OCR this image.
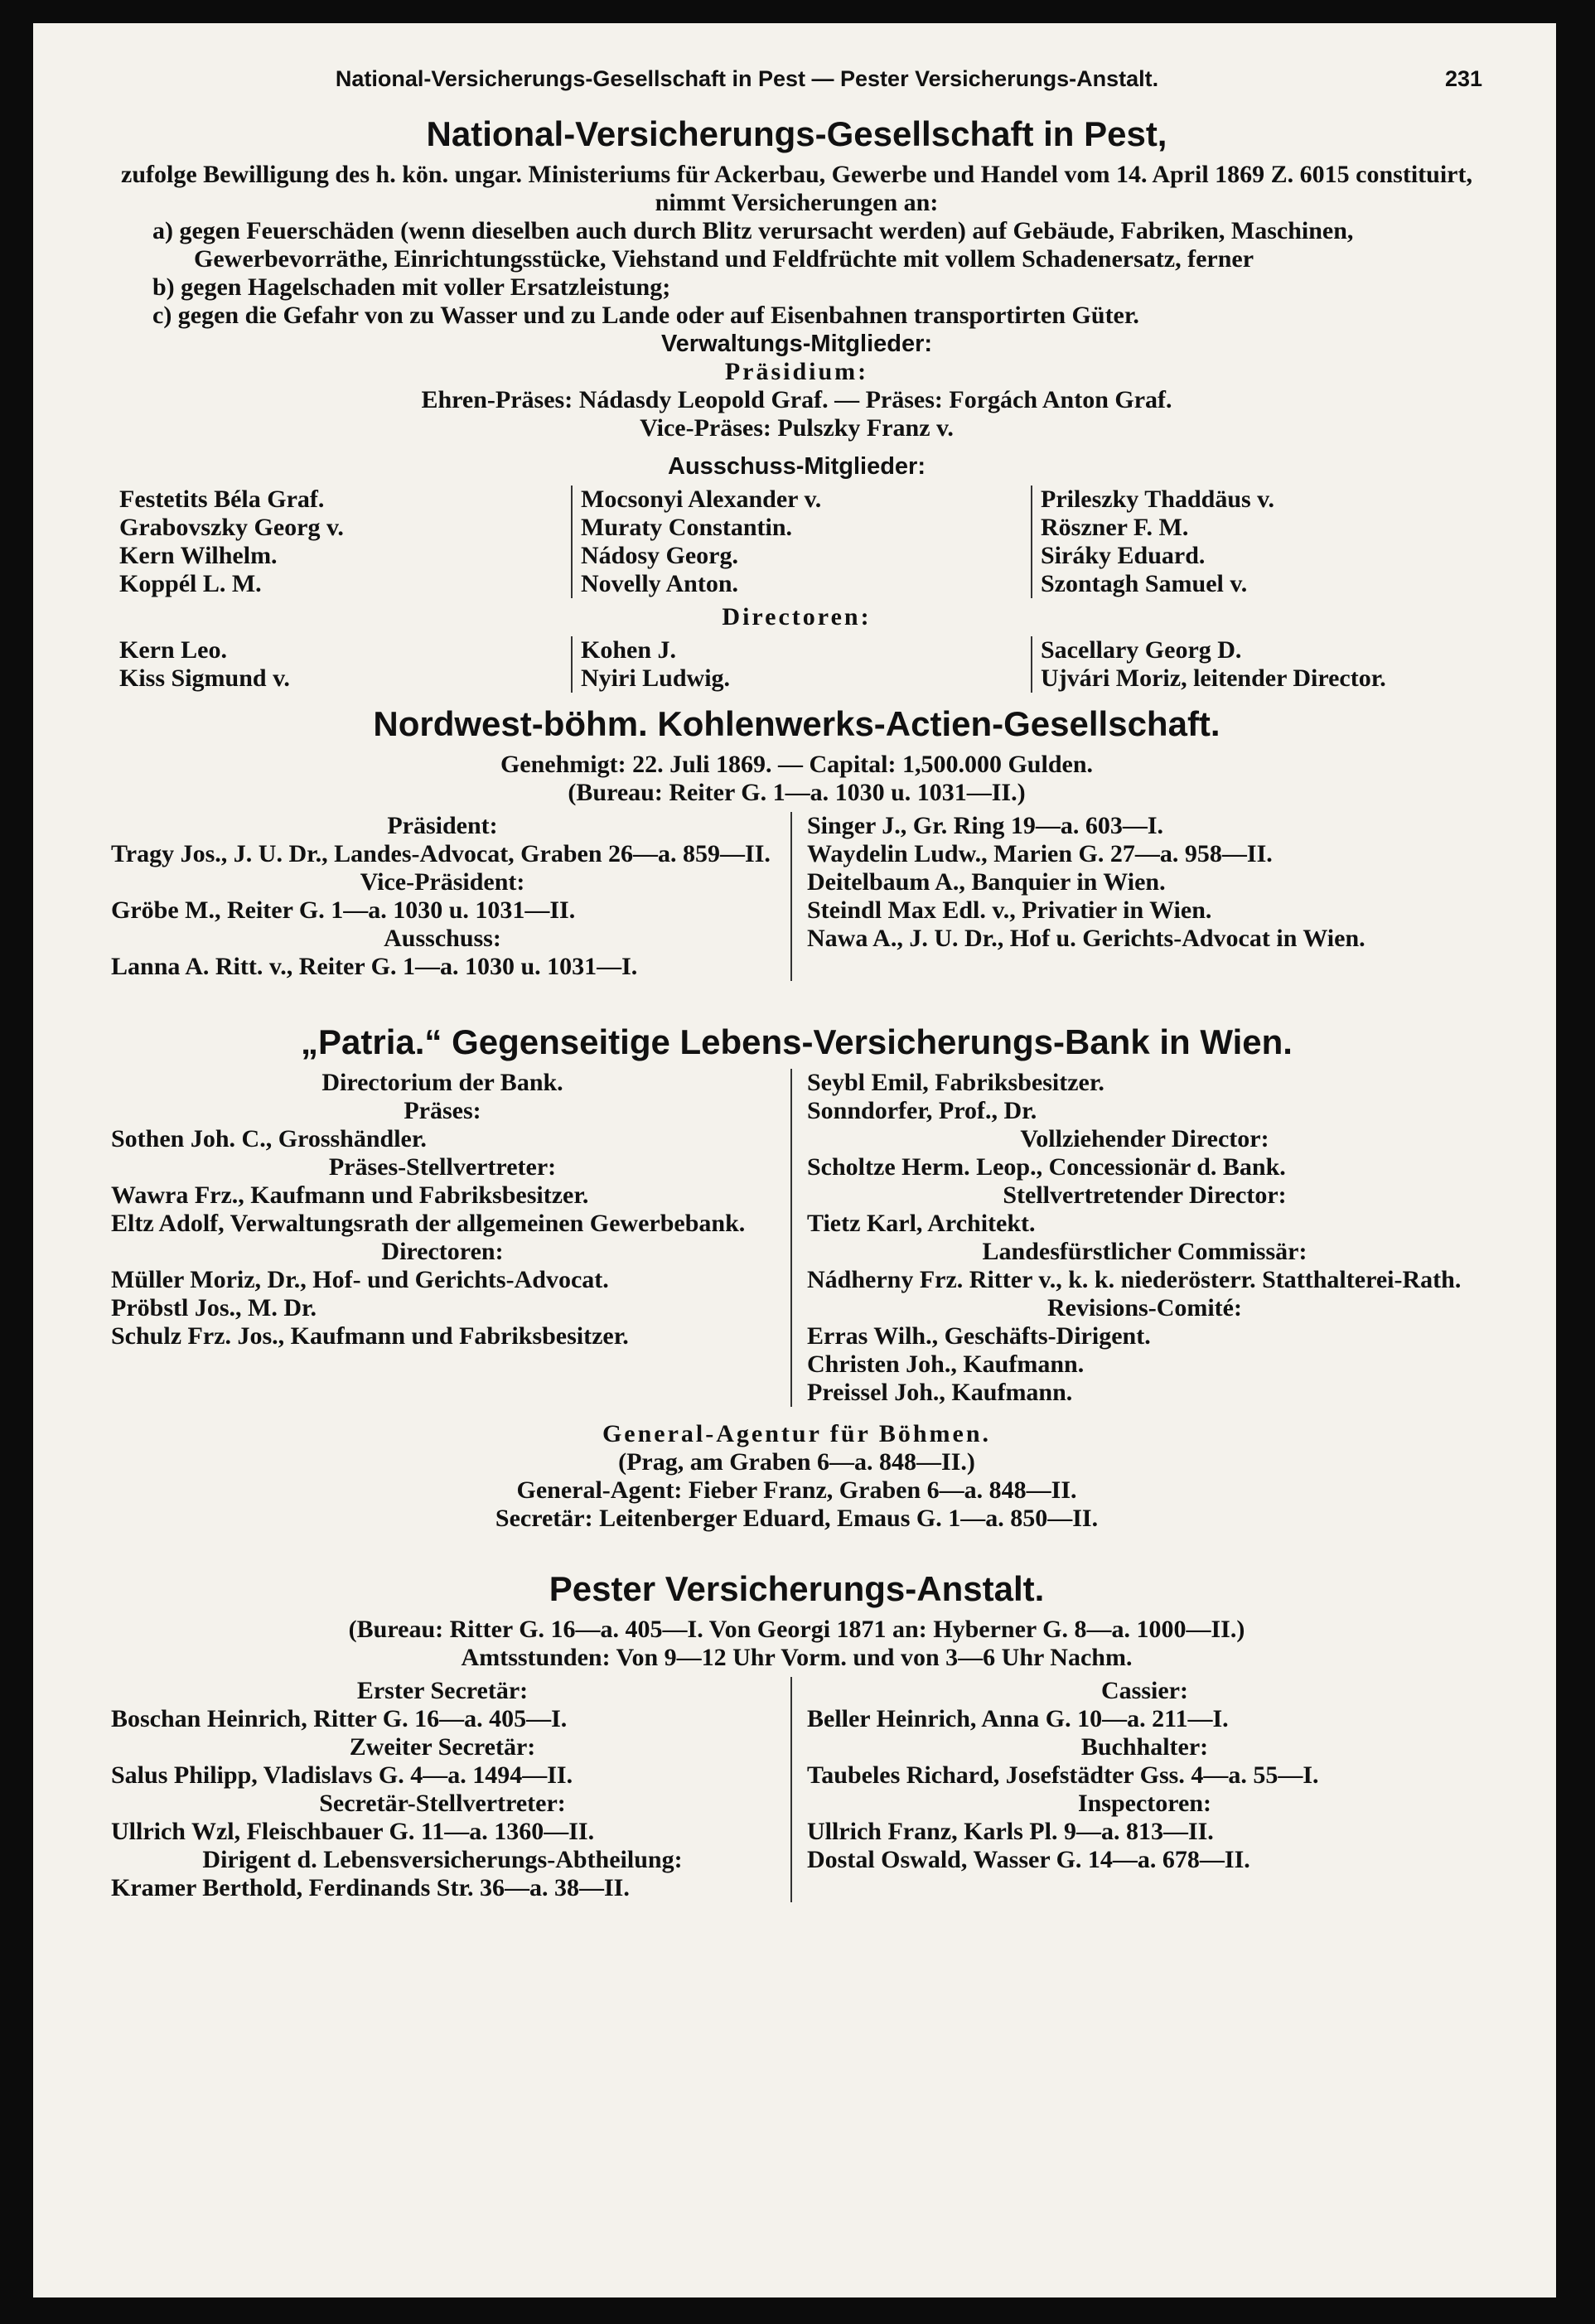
National-Versicherungs-Gesellschaft in Pest — Pester Versicherungs-Anstalt.	231
National-Versicherungs-Gesellschaft in Pest,

zufolge Bewilligung des h. kön. ungar. Ministeriums für Ackerbau, Gewerbe und Handel vom 14. April 1869 Z. 6015 constituirt, nimmt Versicherungen an:

a) gegen Feuerschäden (wenn dieselben auch durch Blitz verursacht werden) auf Gebäude, Fabriken, Maschinen, Gewerbevorräthe, Einrichtungsstücke, Viehstand und Feldfrüchte mit vollem Schadenersatz, ferner

b) gegen Hagelschaden mit voller Ersatzleistung;

c) gegen die Gefahr von zu Wasser und zu Lande oder auf Eisenbahnen transportirten Güter.

Verwaltungs-Mitglieder:

Präsidium:

Ehren-Präses: Nádasdy Leopold Graf. — Präses: Forgách Anton Graf.

Vice-Präses: Pulszky Franz v.

Ausschuss-Mitglieder:

Festetits Béla Graf.

Grabovszky Georg v.

Kern Wilhelm.

Koppél L. M.

Mocsonyi Alexander v.

Muraty Constantin.

Nádosy Georg.

Novelly Anton.

Prileszky Thaddäus v.

Röszner F. M.

Siráky Eduard.

Szontagh Samuel v.

Directoren:

Kern Leo.

Kiss Sigmund v.

Kohen J.

Nyiri Ludwig.

Sacellary Georg D.

Ujvári Moriz, leitender Director.

Nordwest-böhm. Kohlenwerks-Actien-Gesellschaft.

Genehmigt: 22. Juli 1869. — Capital: 1,500.000 Gulden.

(Bureau: Reiter G. 1—a. 1030 u. 1031—II.)

Präsident:

Tragy Jos., J. U. Dr., Landes-Advocat, Graben 26—a. 859—II.

Vice-Präsident:

Gröbe M., Reiter G. 1—a. 1030 u. 1031—II.

Ausschuss:

Lanna A. Ritt. v., Reiter G. 1—a. 1030 u. 1031—I.

Singer J., Gr. Ring 19—a. 603—I.

Waydelin Ludw., Marien G. 27—a. 958—II.

Deitelbaum A., Banquier in Wien.

Steindl Max Edl. v., Privatier in Wien.

Nawa A., J. U. Dr., Hof u. Gerichts-Advocat in Wien.

„Patria.“ Gegenseitige Lebens-Versicherungs-Bank in Wien.

Directorium der Bank.

Präses:

Sothen Joh. C., Grosshändler.

Präses-Stellvertreter:

Wawra Frz., Kaufmann und Fabriksbesitzer.

Eltz Adolf, Verwaltungsrath der allgemeinen Gewerbebank.

Directoren:

Müller Moriz, Dr., Hof- und Gerichts-Advocat.

Pröbstl Jos., M. Dr.

Schulz Frz. Jos., Kaufmann und Fabriksbesitzer.

Seybl Emil, Fabriksbesitzer.

Sonndorfer, Prof., Dr.

Vollziehender Director:

Scholtze Herm. Leop., Concessionär d. Bank.

Stellvertretender Director:

Tietz Karl, Architekt.

Landesfürstlicher Commissär:

Nádherny Frz. Ritter v., k. k. niederösterr. Statthalterei-Rath.

Revisions-Comité:

Erras Wilh., Geschäfts-Dirigent.

Christen Joh., Kaufmann.

Preissel Joh., Kaufmann.

General-Agentur für Böhmen.

(Prag, am Graben 6—a. 848—II.)

General-Agent: Fieber Franz, Graben 6—a. 848—II.

Secretär: Leitenberger Eduard, Emaus G. 1—a. 850—II.

Pester Versicherungs-Anstalt.

(Bureau: Ritter G. 16—a. 405—I. Von Georgi 1871 an: Hyberner G. 8—a. 1000—II.)

Amtsstunden: Von 9—12 Uhr Vorm. und von 3—6 Uhr Nachm.

Erster Secretär:

Boschan Heinrich, Ritter G. 16—a. 405—I.

Zweiter Secretär:

Salus Philipp, Vladislavs G. 4—a. 1494—II.

Secretär-Stellvertreter:

Ullrich Wzl, Fleischbauer G. 11—a. 1360—II.

Dirigent d. Lebensversicherungs-Abtheilung:

Kramer Berthold, Ferdinands Str. 36—a. 38—II.

Cassier:

Beller Heinrich, Anna G. 10—a. 211—I.

Buchhalter:

Taubeles Richard, Josefstädter Gss. 4—a. 55—I.

Inspectoren:

Ullrich Franz, Karls Pl. 9—a. 813—II.

Dostal Oswald, Wasser G. 14—a. 678—II.
